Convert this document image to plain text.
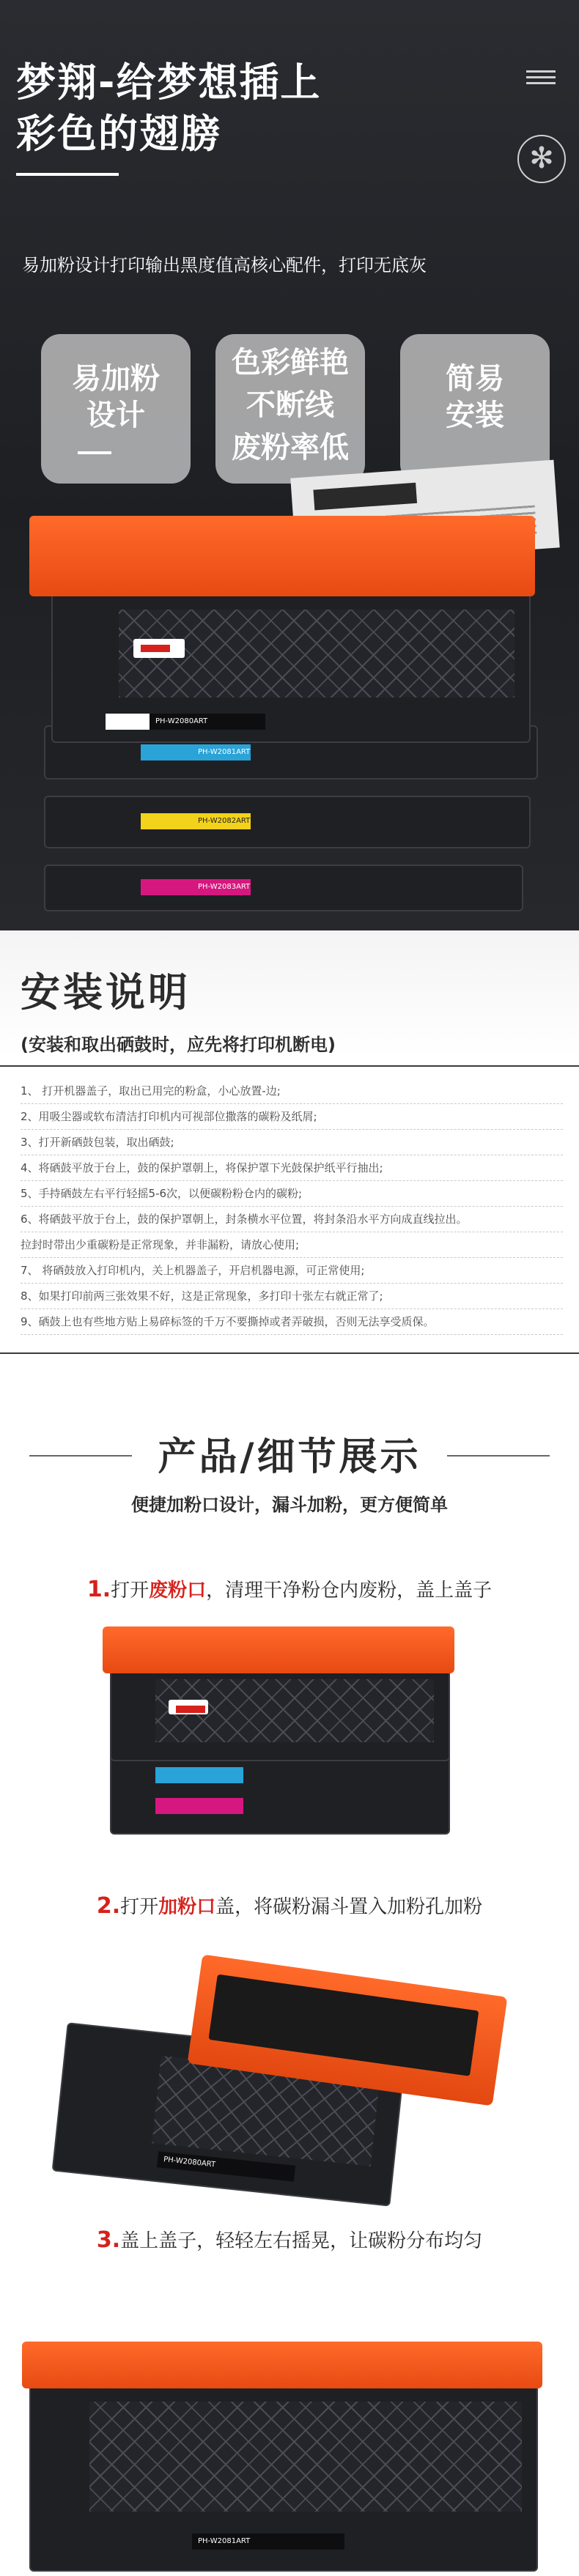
梦翔-给梦想插上
彩色的翅膀
✻
易加粉设计打印输出黑度值高核心配件，打印无底灰
易加粉
设计
色彩鲜艳
不断线
废粉率低
简易
安装
PH-W2083ART
PH-W2082ART
PH-W2081ART
PH-W2080ART
安装说明
(安装和取出硒鼓时，应先将打印机断电)
1、 打开机器盖子，取出已用完的粉盒，小心放置-边;
2、用吸尘器或软布清洁打印机内可视部位撒落的碳粉及纸屑;
3、打开新硒鼓包装，取出硒鼓;
4、将硒鼓平放于台上，鼓的保护罩朝上，将保护罩下光鼓保护纸平行抽出;
5、手持硒鼓左右平行轻摇5-6次，以便碳粉粉仓内的碳粉;
6、将硒鼓平放于台上，鼓的保护罩朝上，封条横水平位置，将封条沿水平方向成直线拉出。
拉封时带出少重碳粉是正常现象，并非漏粉，请放心使用;
7、 将硒鼓放入打印机内，关上机器盖子，开启机器电源，可正常使用;
8、如果打印前两三张效果不好，这是正常现象，多打印十张左右就正常了;
9、硒鼓上也有些地方贴上易碎标签的千万不要撕掉或者弄破损，否则无法享受质保。
产品/细节展示
便捷加粉口设计，漏斗加粉，更方便简单
1.打开废粉口，清理干净粉仓内废粉，盖上盖子
2.打开加粉口盖，将碳粉漏斗置入加粉孔加粉
PH-W2080ART
3.盖上盖子，轻轻左右摇晃，让碳粉分布均匀
PH-W2081ART
